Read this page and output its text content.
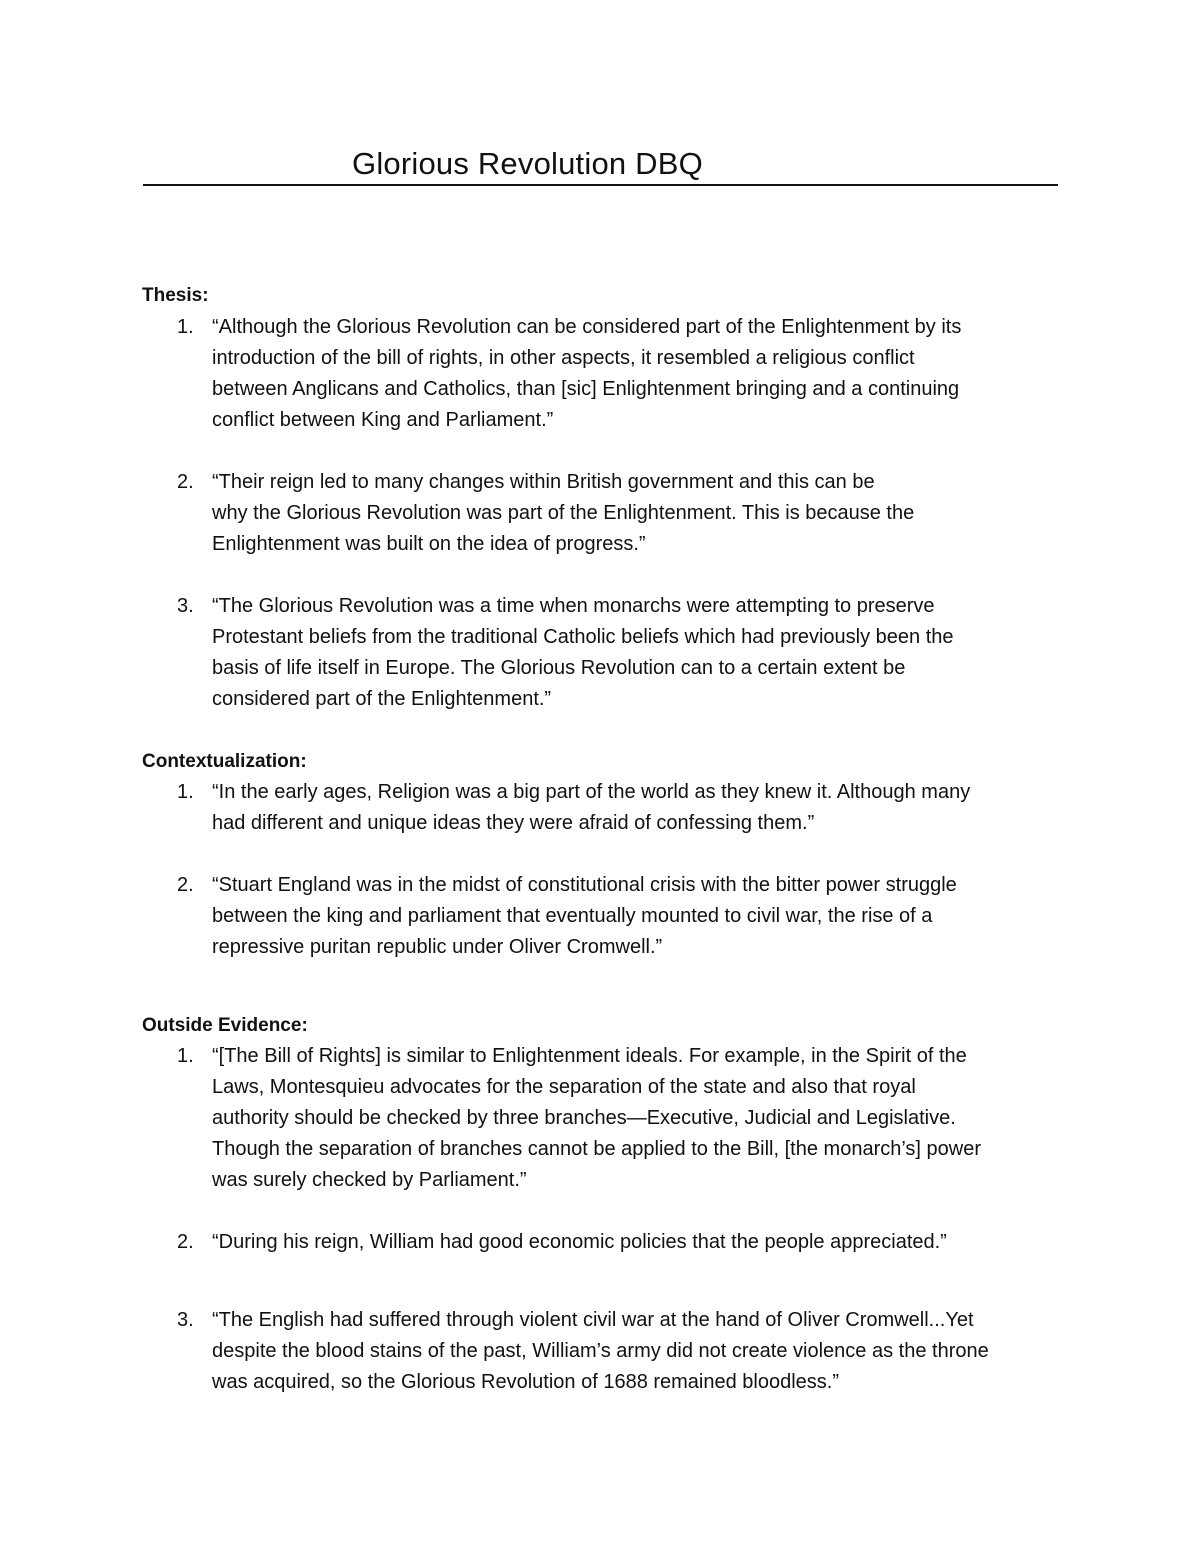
Glorious Revolution DBQ
Thesis:
1. “Although the Glorious Revolution can be considered part of the Enlightenment by its
introduction of the bill of rights, in other aspects, it resembled a religious conflict
between Anglicans and Catholics, than [sic] Enlightenment bringing and a continuing
conflict between King and Parliament.”
2. “Their reign led to many changes within British government and this can be
why the Glorious Revolution was part of the Enlightenment. This is because the
Enlightenment was built on the idea of progress.”
3. “The Glorious Revolution was a time when monarchs were attempting to preserve
Protestant beliefs from the traditional Catholic beliefs which had previously been the
basis of life itself in Europe. The Glorious Revolution can to a certain extent be
considered part of the Enlightenment.”
Contextualization:
1. “In the early ages, Religion was a big part of the world as they knew it. Although many
had different and unique ideas they were afraid of confessing them.”
2. “Stuart England was in the midst of constitutional crisis with the bitter power struggle
between the king and parliament that eventually mounted to civil war, the rise of a
repressive puritan republic under Oliver Cromwell.”
Outside Evidence:
1. “[The Bill of Rights] is similar to Enlightenment ideals. For example, in the Spirit of the
Laws, Montesquieu advocates for the separation of the state and also that royal
authority should be checked by three branches—Executive, Judicial and Legislative.
Though the separation of branches cannot be applied to the Bill, [the monarch’s] power
was surely checked by Parliament.”
2. “During his reign, William had good economic policies that the people appreciated.”
3. “The English had suffered through violent civil war at the hand of Oliver Cromwell...Yet
despite the blood stains of the past, William’s army did not create violence as the throne
was acquired, so the Glorious Revolution of 1688 remained bloodless.”
